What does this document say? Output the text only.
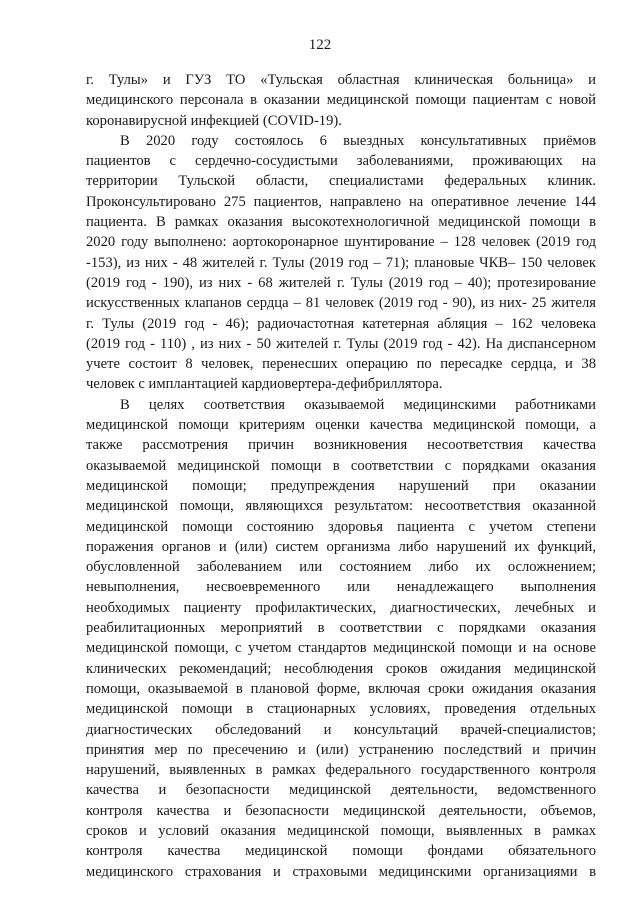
122
г. Тулы» и ГУЗ ТО «Тульская областная клиническая больница» и
медицинского персонала в оказании медицинской помощи пациентам с новой
коронавирусной инфекцией (COVID-19).
В 2020 году состоялось 6 выездных консультативных приёмов
пациентов с сердечно-сосудистыми заболеваниями, проживающих на
территории Тульской области, специалистами федеральных клиник.
Проконсультировано 275 пациентов, направлено на оперативное лечение 144
пациента. В рамках оказания высокотехнологичной медицинской помощи в
2020 году выполнено: аортокоронарное шунтирование – 128 человек (2019 год
-153), из них - 48 жителей г. Тулы (2019 год – 71); плановые ЧКВ– 150 человек
(2019 год - 190), из них - 68 жителей г. Тулы (2019 год – 40); протезирование
искусственных клапанов сердца – 81 человек (2019 год - 90), из них- 25 жителя
г. Тулы (2019 год - 46); радиочастотная катетерная абляция – 162 человека
(2019 год - 110) , из них - 50 жителей г. Тулы (2019 год - 42). На диспансерном
учете состоит 8 человек, перенесших операцию по пересадке сердца, и 38
человек с имплантацией кардиовертера-дефибриллятора.
В целях соответствия оказываемой медицинскими работниками
медицинской помощи критериям оценки качества медицинской помощи, а
также рассмотрения причин возникновения несоответствия качества
оказываемой медицинской помощи в соответствии с порядками оказания
медицинской помощи; предупреждения нарушений при оказании
медицинской помощи, являющихся результатом: несоответствия оказанной
медицинской помощи состоянию здоровья пациента с учетом степени
поражения органов и (или) систем организма либо нарушений их функций,
обусловленной заболеванием или состоянием либо их осложнением;
невыполнения, несвоевременного или ненадлежащего выполнения
необходимых пациенту профилактических, диагностических, лечебных и
реабилитационных мероприятий в соответствии с порядками оказания
медицинской помощи, с учетом стандартов медицинской помощи и на основе
клинических рекомендаций; несоблюдения сроков ожидания медицинской
помощи, оказываемой в плановой форме, включая сроки ожидания оказания
медицинской помощи в стационарных условиях, проведения отдельных
диагностических обследований и консультаций врачей-специалистов;
принятия мер по пресечению и (или) устранению последствий и причин
нарушений, выявленных в рамках федерального государственного контроля
качества и безопасности медицинской деятельности, ведомственного
контроля качества и безопасности медицинской деятельности, объемов,
сроков и условий оказания медицинской помощи, выявленных в рамках
контроля качества медицинской помощи фондами обязательного
медицинского страхования и страховыми медицинскими организациями в
